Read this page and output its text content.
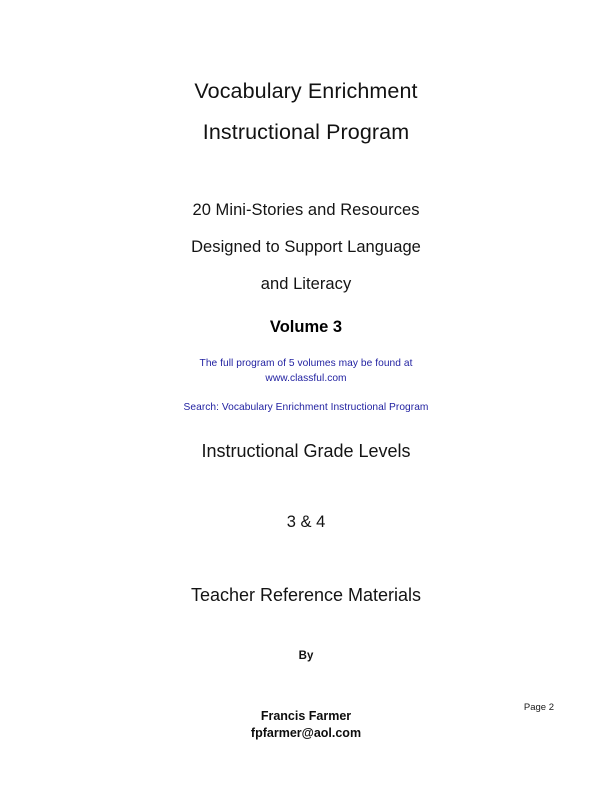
Vocabulary Enrichment
Instructional Program
20 Mini-Stories and Resources
Designed to Support Language
and Literacy
Volume 3
The full program of 5 volumes may be found at
www.classful.com
Search: Vocabulary Enrichment Instructional Program
Instructional Grade Levels
3 & 4
Teacher Reference Materials
By
Francis Farmer
fpfarmer@aol.com
Page 2
